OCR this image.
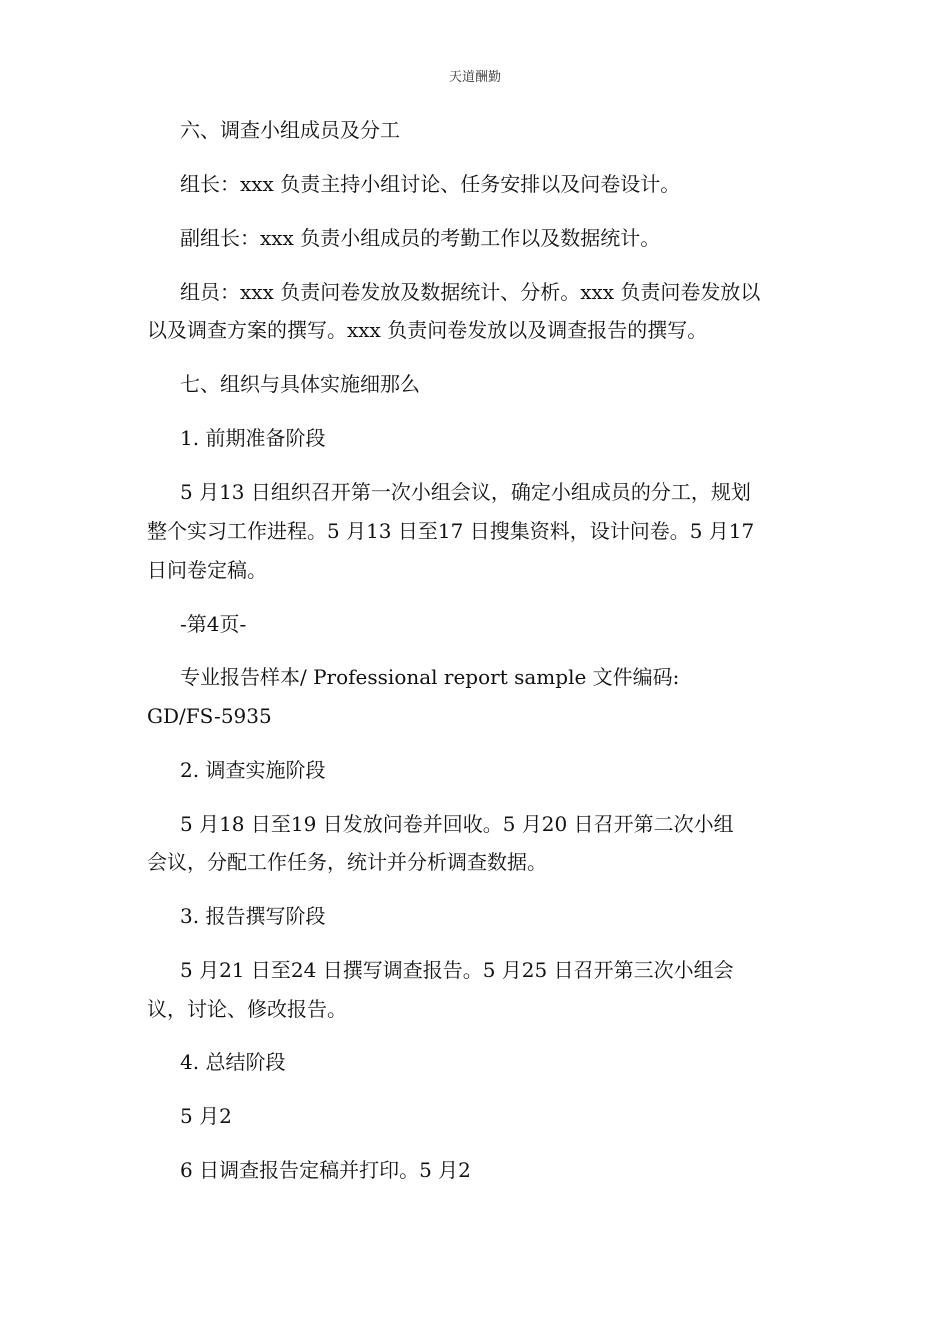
天道酬勤
六、调查小组成员及分工
组长：xxx 负责主持小组讨论、任务安排以及问卷设计。
副组长：xxx 负责小组成员的考勤工作以及数据统计。
组员：xxx 负责问卷发放及数据统计、分析。xxx 负责问卷发放以
以及调查方案的撰写。xxx 负责问卷发放以及调查报告的撰写。
七、组织与具体实施细那么
1. 前期准备阶段
5 月13 日组织召开第一次小组会议，确定小组成员的分工，规划
整个实习工作进程。5 月13 日至17 日搜集资料，设计问卷。5 月17
日问卷定稿。
-第4页-
专业报告样本/ Professional report sample 文件编码:
GD/FS-5935
2. 调查实施阶段
5 月18 日至19 日发放问卷并回收。5 月20 日召开第二次小组
会议，分配工作任务，统计并分析调查数据。
3. 报告撰写阶段
5 月21 日至24 日撰写调查报告。5 月25 日召开第三次小组会
议，讨论、修改报告。
4. 总结阶段
5 月2
6 日调查报告定稿并打印。5 月2
